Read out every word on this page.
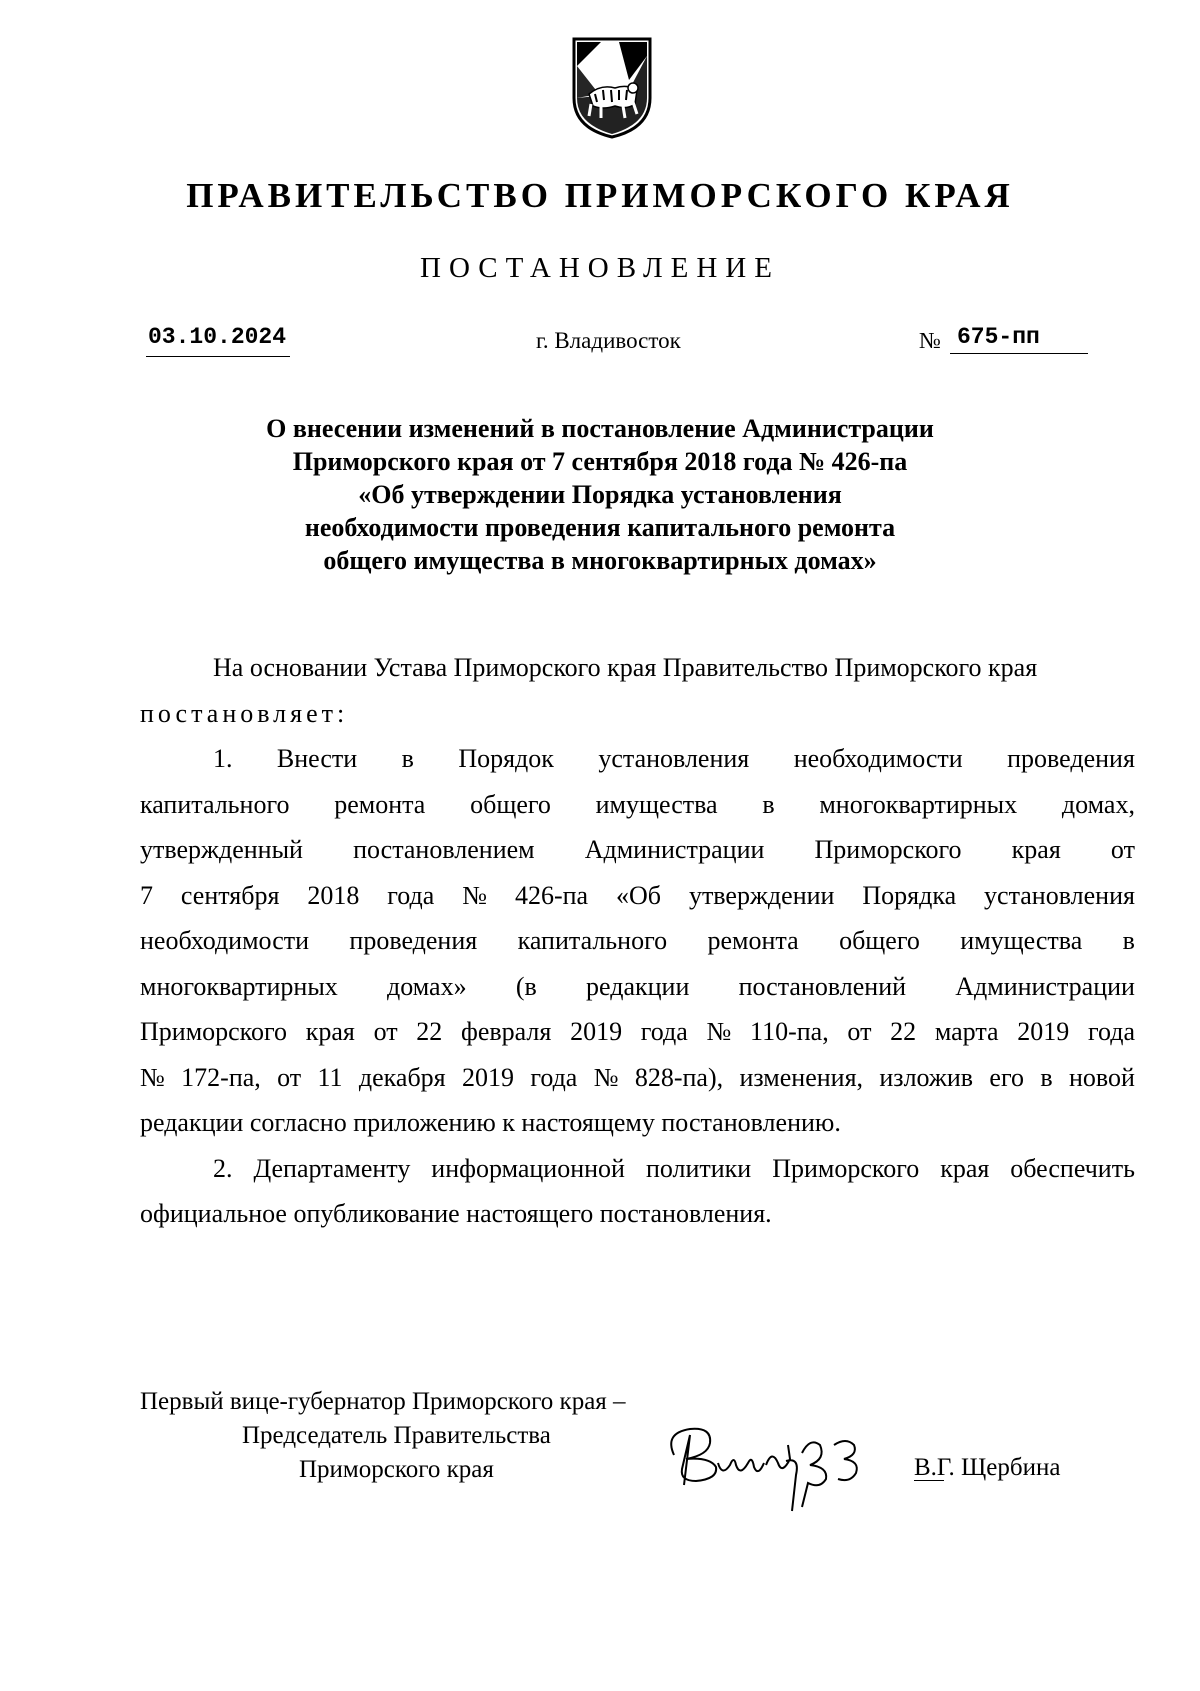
ПРАВИТЕЛЬСТВО ПРИМОРСКОГО КРАЯ
ПОСТАНОВЛЕНИЕ
03.10.2024	г. Владивосток	№ 675-пп
О внесении изменений в постановление Администрации
Приморского края от 7 сентября 2018 года № 426-па
«Об утверждении Порядка установления
необходимости проведения капитального ремонта
общего имущества в многоквартирных домах»
На основании Устава Приморского края Правительство Приморского края
постановляет:
1. Внести в Порядок установления необходимости проведения
капитального ремонта общего имущества в многоквартирных домах,
утвержденный постановлением Администрации Приморского края от
7 сентября 2018 года № 426-па «Об утверждении Порядка установления
необходимости проведения капитального ремонта общего имущества в
многоквартирных домах» (в редакции постановлений Администрации
Приморского края от 22 февраля 2019 года № 110-па, от 22 марта 2019 года
№ 172-па, от 11 декабря 2019 года № 828-па), изменения, изложив его в новой
редакции согласно приложению к настоящему постановлению.
2. Департаменту информационной политики Приморского края обеспечить
официальное опубликование настоящего постановления.
Первый вице-губернатор Приморского края –
Председатель Правительства
Приморского края	В.Г. Щербина
